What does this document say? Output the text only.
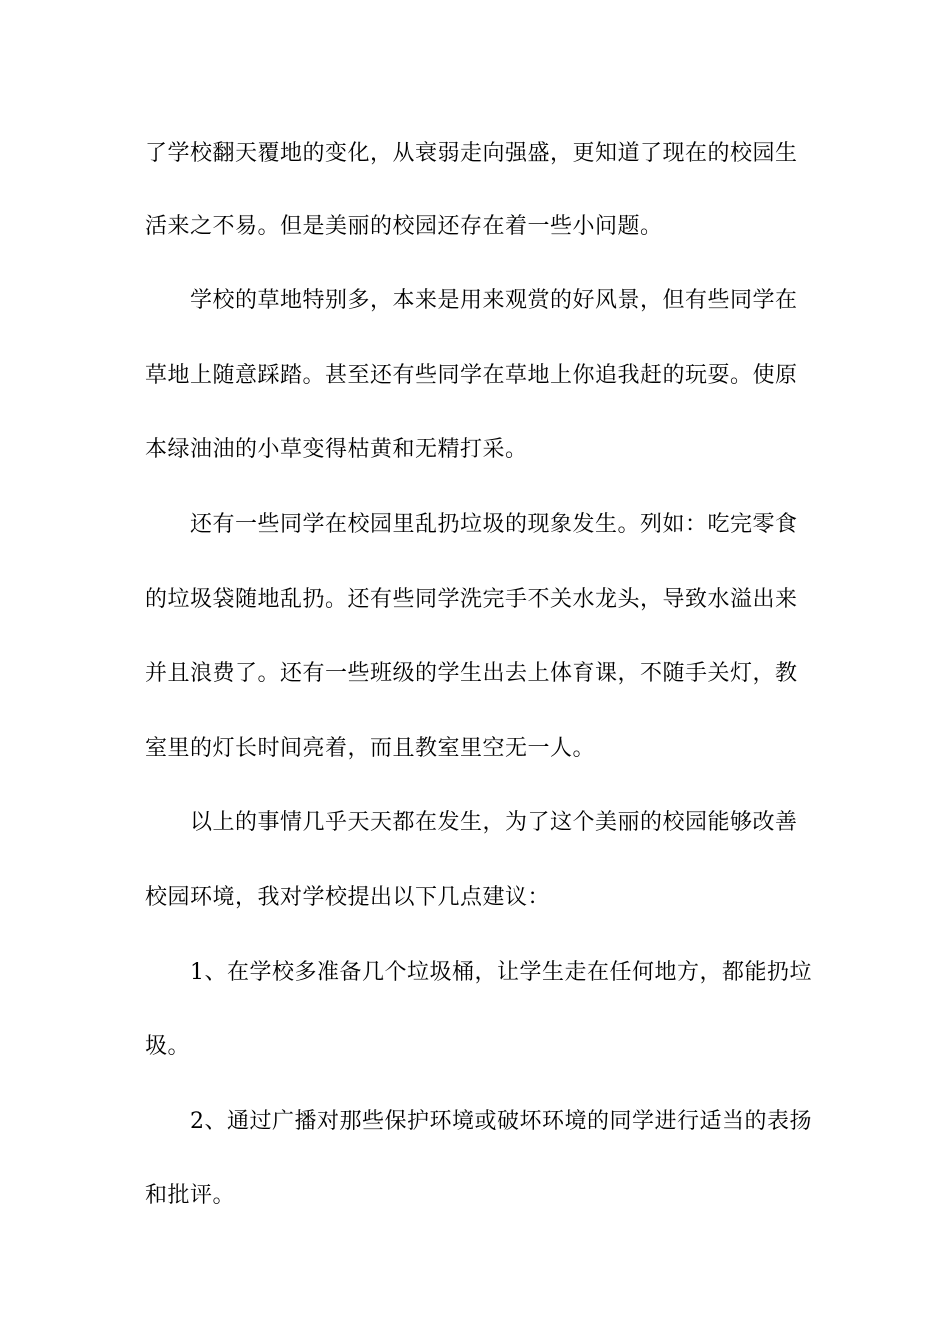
了学校翻天覆地的变化，从衰弱走向强盛，更知道了现在的校园生
活来之不易。但是美丽的校园还存在着一些小问题。
学校的草地特别多，本来是用来观赏的好风景，但有些同学在
草地上随意踩踏。甚至还有些同学在草地上你追我赶的玩耍。使原
本绿油油的小草变得枯黄和无精打采。
还有一些同学在校园里乱扔垃圾的现象发生。列如：吃完零食
的垃圾袋随地乱扔。还有些同学洗完手不关水龙头，导致水溢出来
并且浪费了。还有一些班级的学生出去上体育课，不随手关灯，教
室里的灯长时间亮着，而且教室里空无一人。
以上的事情几乎天天都在发生，为了这个美丽的校园能够改善
校园环境，我对学校提出以下几点建议：
1、在学校多准备几个垃圾桶，让学生走在任何地方，都能扔垃
圾。
2、通过广播对那些保护环境或破坏环境的同学进行适当的表扬
和批评。
